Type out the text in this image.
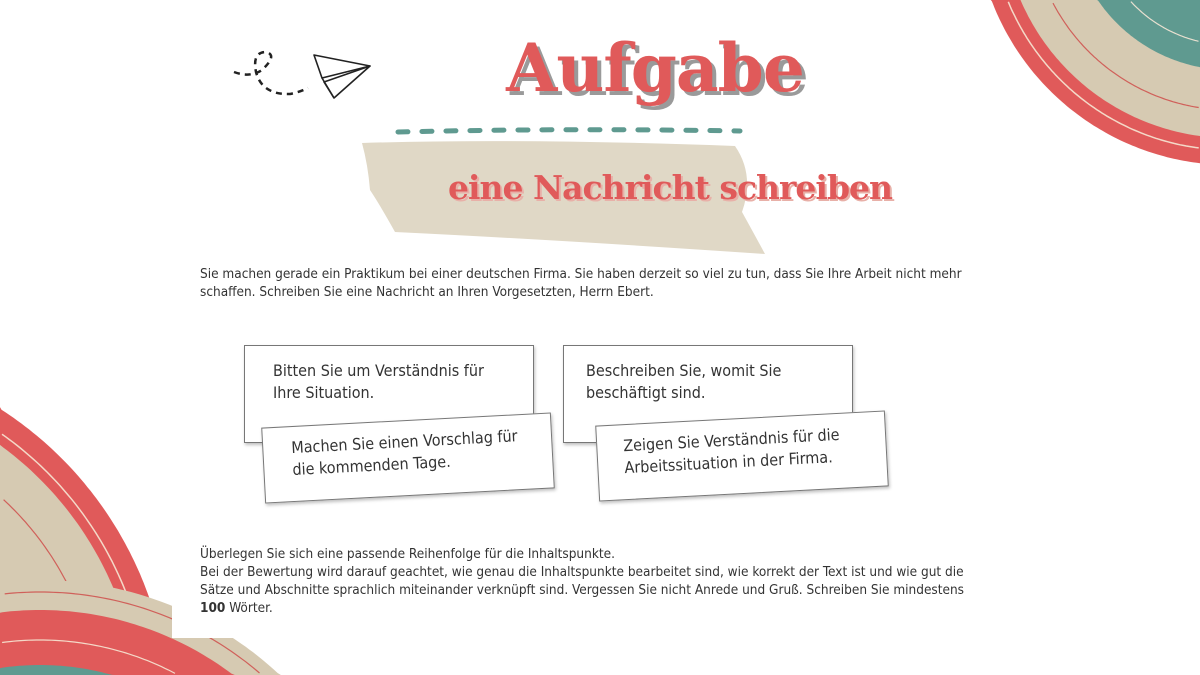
Aufgabe
eine Nachricht schreiben
Sie machen gerade ein Praktikum bei einer deutschen Firma. Sie haben derzeit so viel zu tun, dass Sie Ihre Arbeit nicht mehr schaffen. Schreiben Sie eine Nachricht an Ihren Vorgesetzten, Herrn Ebert.
Bitten Sie um Verständnis für Ihre Situation.
Beschreiben Sie, womit Sie beschäftigt sind.
Machen Sie einen Vorschlag für die kommenden Tage.
Zeigen Sie Verständnis für die Arbeitssituation in der Firma.
Überlegen Sie sich eine passende Reihenfolge für die Inhaltspunkte.
Bei der Bewertung wird darauf geachtet, wie genau die Inhaltspunkte bearbeitet sind, wie korrekt der Text ist und wie gut die Sätze und Abschnitte sprachlich miteinander verknüpft sind. Vergessen Sie nicht Anrede und Gruß. Schreiben Sie mindestens 100 Wörter.
